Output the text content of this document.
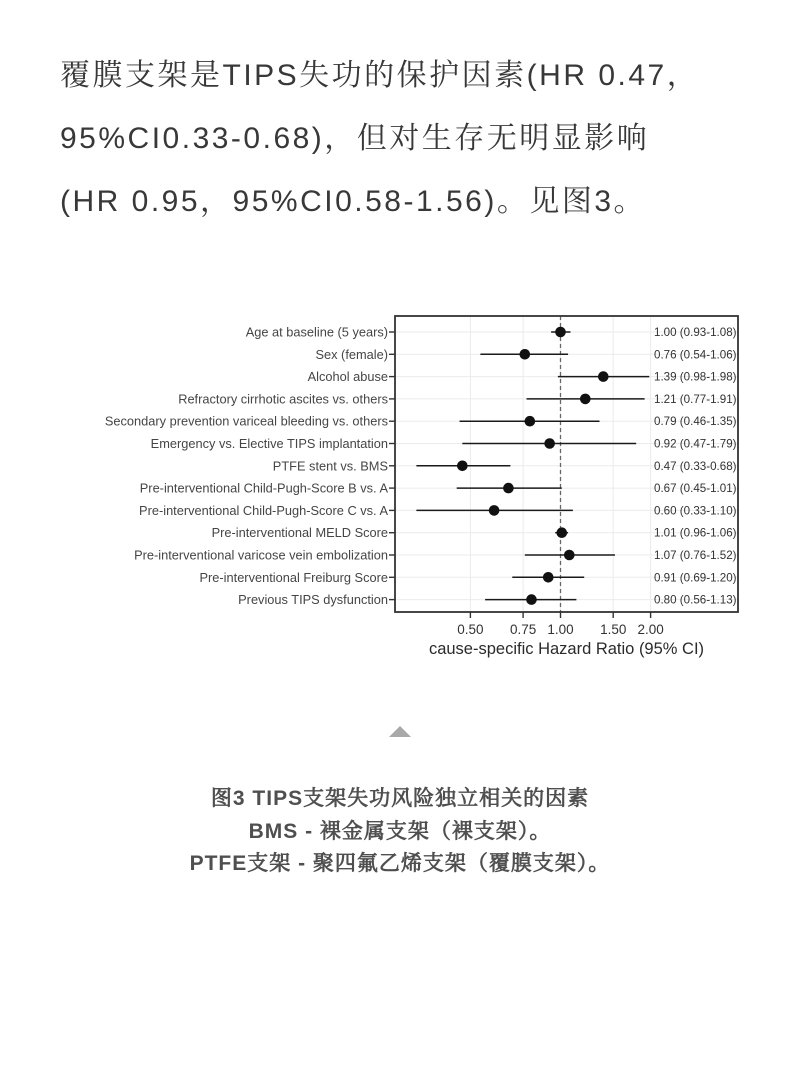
覆膜支架是TIPS失功的保护因素(HR 0.47，
95%CI0.33-0.68)，但对生存无明显影响
(HR 0.95，95%CI0.58-1.56)。见图3。
Age at baseline (5 years)	1.00 (0.93-1.08)
Sex (female)	0.76 (0.54-1.06)
Alcohol abuse	1.39 (0.98-1.98)
Refractory cirrhotic ascites vs. others	1.21 (0.77-1.91)
Secondary prevention variceal bleeding vs. others	0.79 (0.46-1.35)
Emergency vs. Elective TIPS implantation	0.92 (0.47-1.79)
PTFE stent vs. BMS	0.47 (0.33-0.68)
Pre-interventional Child-Pugh-Score B vs. A	0.67 (0.45-1.01)
Pre-interventional Child-Pugh-Score C vs. A	0.60 (0.33-1.10)
Pre-interventional MELD Score	1.01 (0.96-1.06)
Pre-interventional varicose vein embolization	1.07 (0.76-1.52)
Pre-interventional Freiburg Score	0.91 (0.69-1.20)
Previous TIPS dysfunction	0.80 (0.56-1.13)
0.50 0.75 1.00 1.50 2.00
cause-specific Hazard Ratio (95% CI)
图3 TIPS支架失功风险独立相关的因素
BMS - 裸金属支架（裸支架）。
PTFE支架 - 聚四氟乙烯支架（覆膜支架）。
